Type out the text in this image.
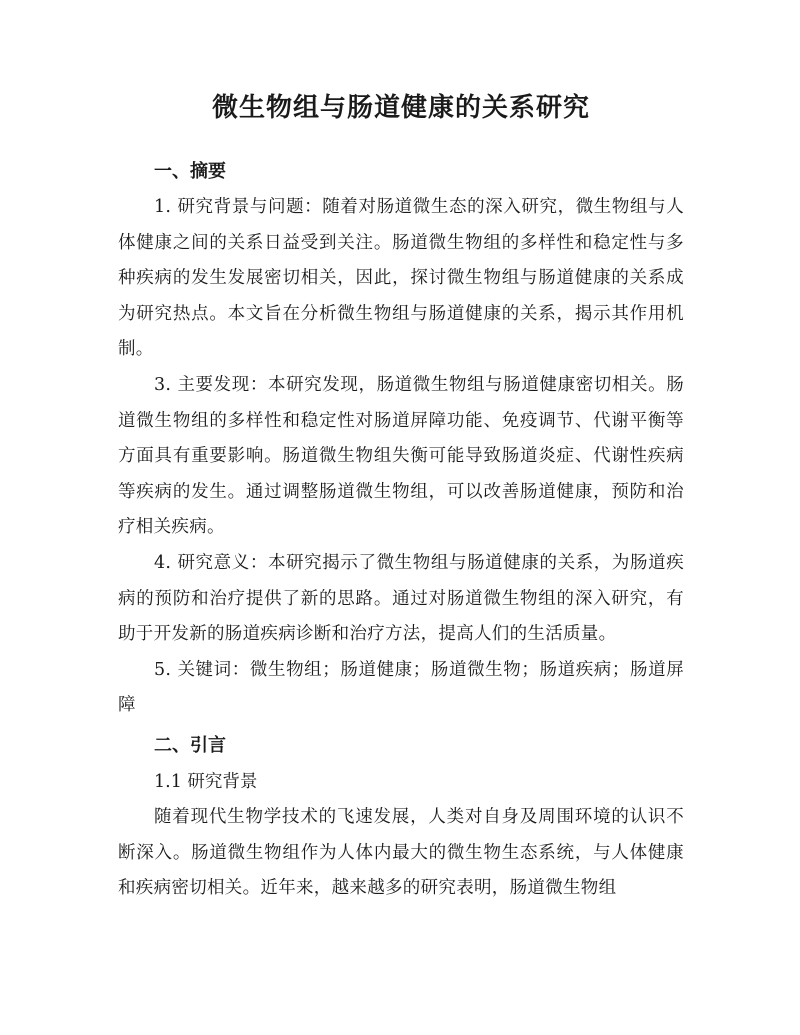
微生物组与肠道健康的关系研究

一、摘要

1. 研究背景与问题：随着对肠道微生态的深入研究，微生物组与人体健康之间的关系日益受到关注。肠道微生物组的多样性和稳定性与多种疾病的发生发展密切相关，因此，探讨微生物组与肠道健康的关系成为研究热点。本文旨在分析微生物组与肠道健康的关系，揭示其作用机制。

3. 主要发现：本研究发现，肠道微生物组与肠道健康密切相关。肠道微生物组的多样性和稳定性对肠道屏障功能、免疫调节、代谢平衡等方面具有重要影响。肠道微生物组失衡可能导致肠道炎症、代谢性疾病等疾病的发生。通过调整肠道微生物组，可以改善肠道健康，预防和治疗相关疾病。

4. 研究意义：本研究揭示了微生物组与肠道健康的关系，为肠道疾病的预防和治疗提供了新的思路。通过对肠道微生物组的深入研究，有助于开发新的肠道疾病诊断和治疗方法，提高人们的生活质量。

5. 关键词：微生物组；肠道健康；肠道微生物；肠道疾病；肠道屏障

二、引言

1.1 研究背景

随着现代生物学技术的飞速发展，人类对自身及周围环境的认识不断深入。肠道微生物组作为人体内最大的微生物生态系统，与人体健康和疾病密切相关。近年来，越来越多的研究表明，肠道微生物组
